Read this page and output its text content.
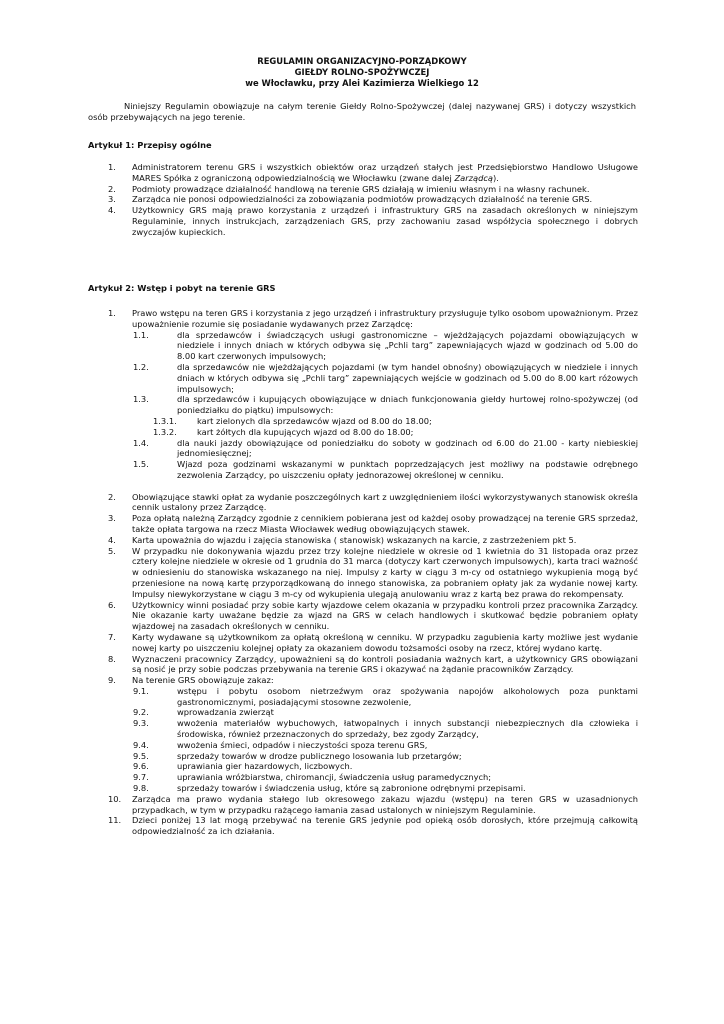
REGULAMIN ORGANIZACYJNO-PORZĄDKOWY
GIEŁDY ROLNO-SPOŻYWCZEJ
we Włocławku, przy Alei Kazimierza Wielkiego 12
Niniejszy Regulamin obowiązuje na całym terenie Giełdy Rolno-Spożywczej (dalej nazywanej GRS) i dotyczy wszystkich osób przebywających na jego terenie.
Artykuł 1: Przepisy ogólne
1. Administratorem terenu GRS i wszystkich obiektów oraz urządzeń stałych jest Przedsiębiorstwo Handlowo Usługowe MARES Spółka z ograniczoną odpowiedzialnością we Włocławku (zwane dalej Zarządcą).
2. Podmioty prowadzące działalność handlową na terenie GRS działają w imieniu własnym i na własny rachunek.
3. Zarządca nie ponosi odpowiedzialności za zobowiązania podmiotów prowadzących działalność na terenie GRS.
4. Użytkownicy GRS mają prawo korzystania z urządzeń i infrastruktury GRS na zasadach określonych w niniejszym Regulaminie, innych instrukcjach, zarządzeniach GRS, przy zachowaniu zasad współżycia społecznego i dobrych zwyczajów kupieckich.
Artykuł 2: Wstęp i pobyt na terenie GRS
1. Prawo wstępu na teren GRS i korzystania z jego urządzeń i infrastruktury przysługuje tylko osobom upoważnionym. Przez upoważnienie rozumie się posiadanie wydawanych przez Zarządcę:
1.1.	dla sprzedawców i świadczących usługi gastronomiczne – wjeżdżających pojazdami obowiązujących w niedziele i innych dniach w których odbywa się „Pchli targ” zapewniających wjazd w godzinach od 5.00 do 8.00 kart czerwonych impulsowych;
1.2.	dla sprzedawców nie wjeżdżających pojazdami (w tym handel obnośny) obowiązujących w niedziele i innych dniach w których odbywa się „Pchli targ” zapewniających wejście w godzinach od 5.00 do 8.00 kart różowych impulsowych;
1.3.	dla sprzedawców i kupujących obowiązujące w dniach funkcjonowania giełdy hurtowej rolno-spożywczej (od poniedziałku do piątku) impulsowych:
1.3.1. kart zielonych dla sprzedawców wjazd od 8.00 do 18.00;
1.3.2. kart żółtych dla kupujących wjazd od 8.00 do 18.00;
1.4.	dla nauki jazdy obowiązujące od poniedziałku do soboty w godzinach od 6.00 do 21.00 - karty niebieskiej jednomiesięcznej;
1.5.	Wjazd poza godzinami wskazanymi w punktach poprzedzających jest możliwy na podstawie odrębnego zezwolenia Zarządcy, po uiszczeniu opłaty jednorazowej określonej w cenniku.
2. Obowiązujące stawki opłat za wydanie poszczególnych kart z uwzględnieniem ilości wykorzystywanych stanowisk określa cennik ustalony przez Zarządcę.
3. Poza opłatą należną Zarządcy zgodnie z cennikiem pobierana jest od każdej osoby prowadzącej na terenie GRS sprzedaż, także opłata targowa na rzecz Miasta Włocławek według obowiązujących stawek.
4. Karta upoważnia do wjazdu i zajęcia stanowiska ( stanowisk) wskazanych na karcie, z zastrzeżeniem pkt 5.
5. W przypadku nie dokonywania wjazdu przez trzy kolejne niedziele w okresie od 1 kwietnia do 31 listopada oraz przez cztery kolejne niedziele w okresie od 1 grudnia do 31 marca (dotyczy kart czerwonych impulsowych), karta traci ważność w odniesieniu do stanowiska wskazanego na niej. Impulsy z karty w ciągu 3 m-cy od ostatniego wykupienia mogą być przeniesione na nową kartę przyporządkowaną do innego stanowiska, za pobraniem opłaty jak za wydanie nowej karty. Impulsy niewykorzystane w ciągu 3 m-cy od wykupienia ulegają anulowaniu wraz z kartą bez prawa do rekompensaty.
6. Użytkownicy winni posiadać przy sobie karty wjazdowe celem okazania w przypadku kontroli przez pracownika Zarządcy. Nie okazanie karty uważane będzie za wjazd na GRS w celach handlowych i skutkować będzie pobraniem opłaty wjazdowej na zasadach określonych w cenniku.
7. Karty wydawane są użytkownikom za opłatą określoną w cenniku. W przypadku zagubienia karty możliwe jest wydanie nowej karty po uiszczeniu kolejnej opłaty za okazaniem dowodu tożsamości osoby na rzecz, której wydano kartę.
8. Wyznaczeni pracownicy Zarządcy, upoważnieni są do kontroli posiadania ważnych kart, a użytkownicy GRS obowiązani są nosić je przy sobie podczas przebywania na terenie GRS i okazywać na żądanie pracowników Zarządcy.
9. Na terenie GRS obowiązuje zakaz:
9.1.	wstępu i pobytu osobom nietrzeźwym oraz spożywania napojów alkoholowych poza punktami gastronomicznymi, posiadającymi stosowne zezwolenie,
9.2.	wprowadzania zwierząt
9.3.	wwożenia materiałów wybuchowych, łatwopalnych i innych substancji niebezpiecznych dla człowieka i środowiska, również przeznaczonych do sprzedaży, bez zgody Zarządcy,
9.4.	wwożenia śmieci, odpadów i nieczystości spoza terenu GRS,
9.5.	sprzedaży towarów w drodze publicznego losowania lub przetargów;
9.6.	uprawiania gier hazardowych, liczbowych.
9.7.	uprawiania wróżbiarstwa, chiromancji, świadczenia usług paramedycznych;
9.8.	sprzedaży towarów i świadczenia usług, które są zabronione odrębnymi przepisami.
10. Zarządca ma prawo wydania stałego lub okresowego zakazu wjazdu (wstępu) na teren GRS w uzasadnionych przypadkach, w tym w przypadku rażącego łamania zasad ustalonych w niniejszym Regulaminie.
11. Dzieci poniżej 13 lat mogą przebywać na terenie GRS jedynie pod opieką osób dorosłych, które przejmują całkowitą odpowiedzialność za ich działania.
